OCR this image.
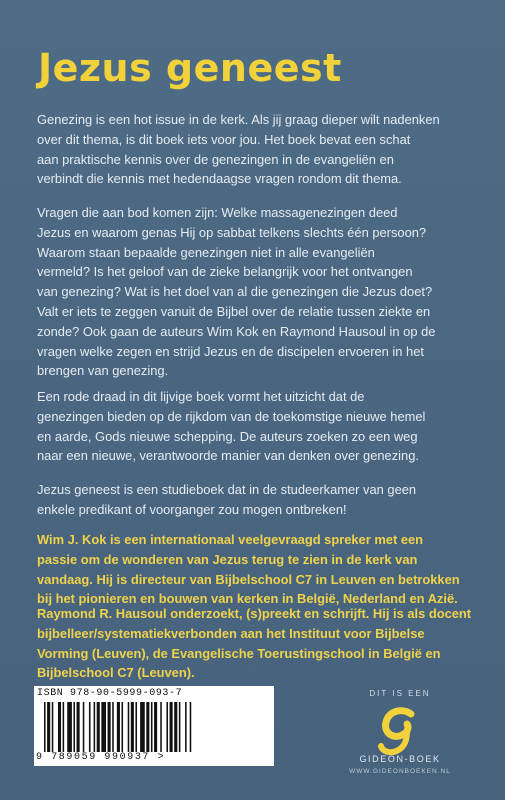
Jezus geneest
Genezing is een hot issue in de kerk. Als jij graag dieper wilt nadenken
over dit thema, is dit boek iets voor jou. Het boek bevat een schat
aan praktische kennis over de genezingen in de evangeliën en
verbindt die kennis met hedendaagse vragen rondom dit thema.
Vragen die aan bod komen zijn: Welke massagenezingen deed
Jezus en waarom genas Hij op sabbat telkens slechts één persoon?
Waarom staan bepaalde genezingen niet in alle evangeliën
vermeld? Is het geloof van de zieke belangrijk voor het ontvangen
van genezing? Wat is het doel van al die genezingen die Jezus doet?
Valt er iets te zeggen vanuit de Bijbel over de relatie tussen ziekte en
zonde? Ook gaan de auteurs Wim Kok en Raymond Hausoul in op de
vragen welke zegen en strijd Jezus en de discipelen ervoeren in het
brengen van genezing.
Een rode draad in dit lijvige boek vormt het uitzicht dat de
genezingen bieden op de rijkdom van de toekomstige nieuwe hemel
en aarde, Gods nieuwe schepping. De auteurs zoeken zo een weg
naar een nieuwe, verantwoorde manier van denken over genezing.
Jezus geneest is een studieboek dat in de studeerkamer van geen
enkele predikant of voorganger zou mogen ontbreken!
Wim J. Kok is een internationaal veelgevraagd spreker met een
passie om de wonderen van Jezus terug te zien in de kerk van
vandaag. Hij is directeur van Bijbelschool C7 in Leuven en betrokken
bij het pionieren en bouwen van kerken in België, Nederland en Azië.
Raymond R. Hausoul onderzoekt, (s)preekt en schrijft. Hij is als docent
bijbelleer/systematiekverbonden aan het Instituut voor Bijbelse
Vorming (Leuven), de Evangelische Toerustingschool in België en
Bijbelschool C7 (Leuven).
ISBN 978-90-5999-093-7
9 789059 990937 >
DIT IS EEN
GIDEON-BOEK
WWW.GIDEONBOEKEN.NL
